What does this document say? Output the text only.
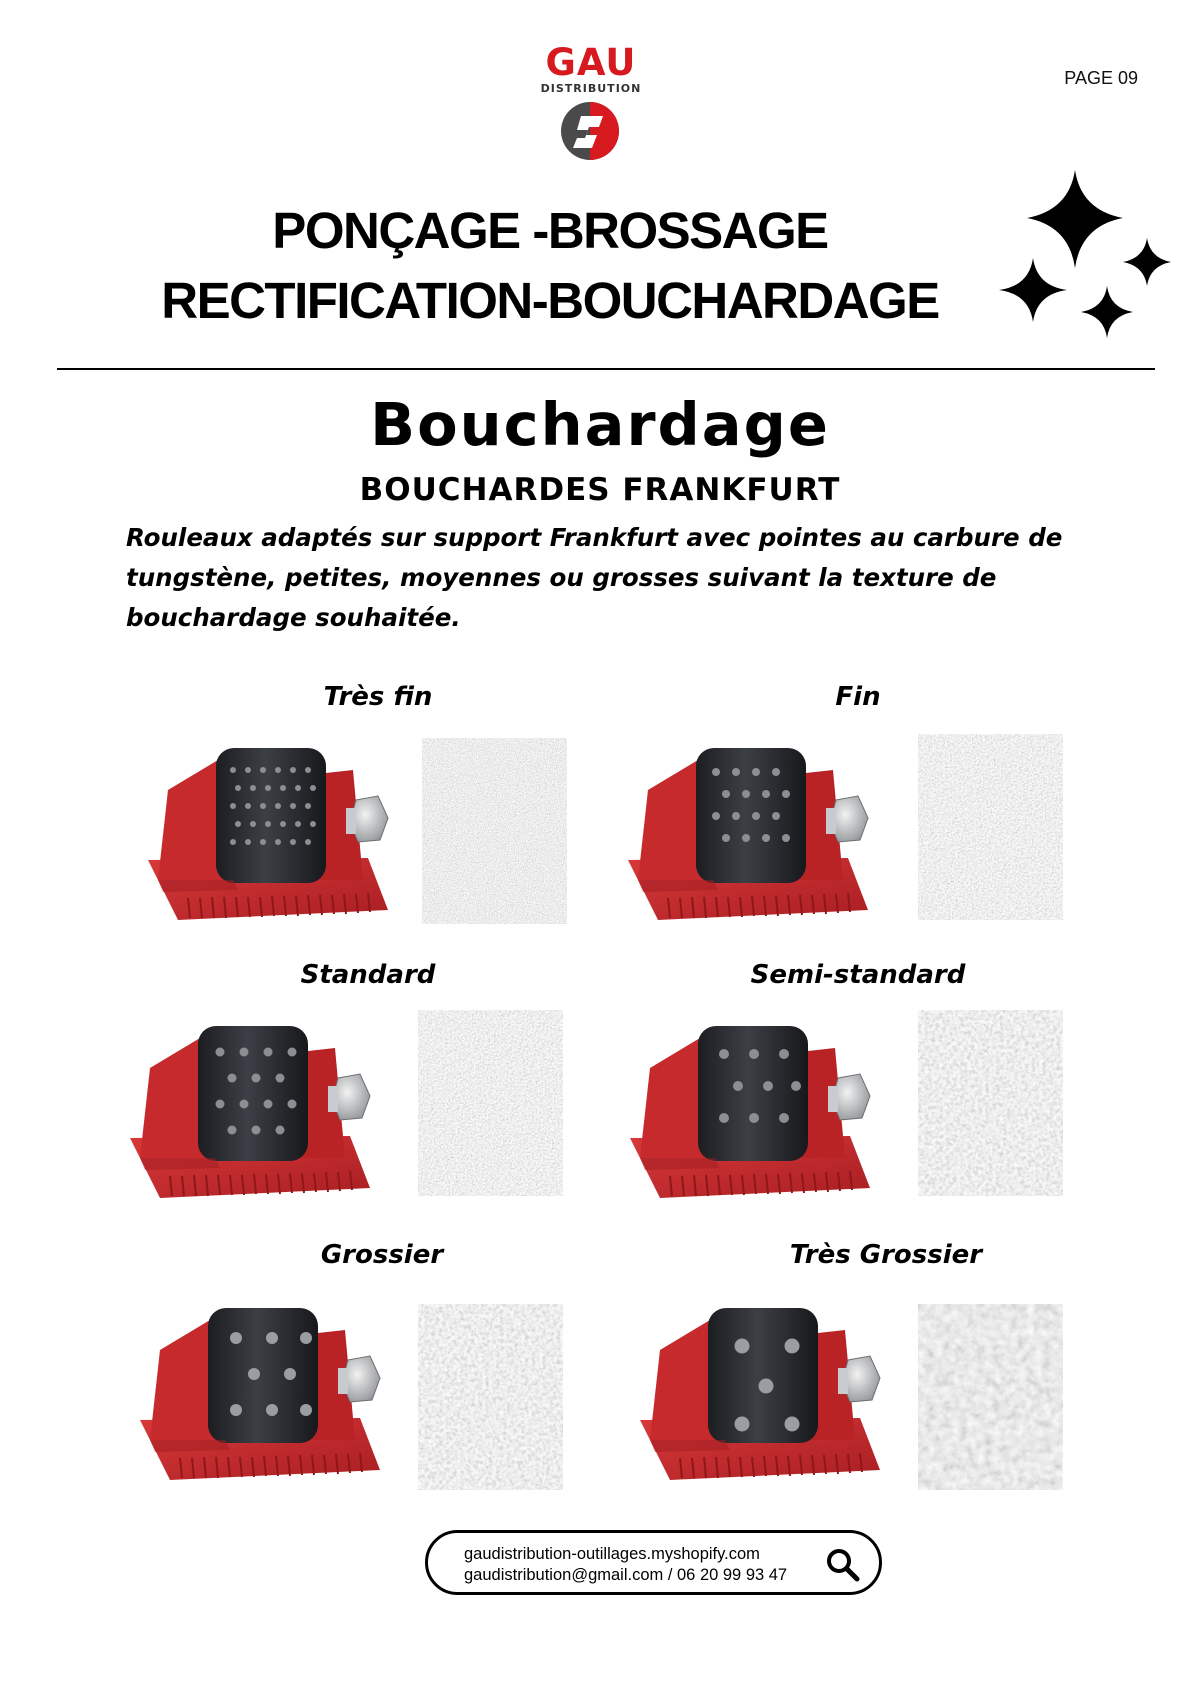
GAU
DISTRIBUTION
PAGE 09
PONÇAGE -BROSSAGE
RECTIFICATION-BOUCHARDAGE
Bouchardage
BOUCHARDES FRANKFURT
Rouleaux adaptés sur support Frankfurt avec pointes au carbure de tungstène, petites, moyennes ou grosses suivant la texture de bouchardage souhaitée.
Très fin	Fin
Standard	Semi-standard
Grossier	Très Grossier
gaudistribution-outillages.myshopify.com
gaudistribution@gmail.com / 06 20 99 93 47
